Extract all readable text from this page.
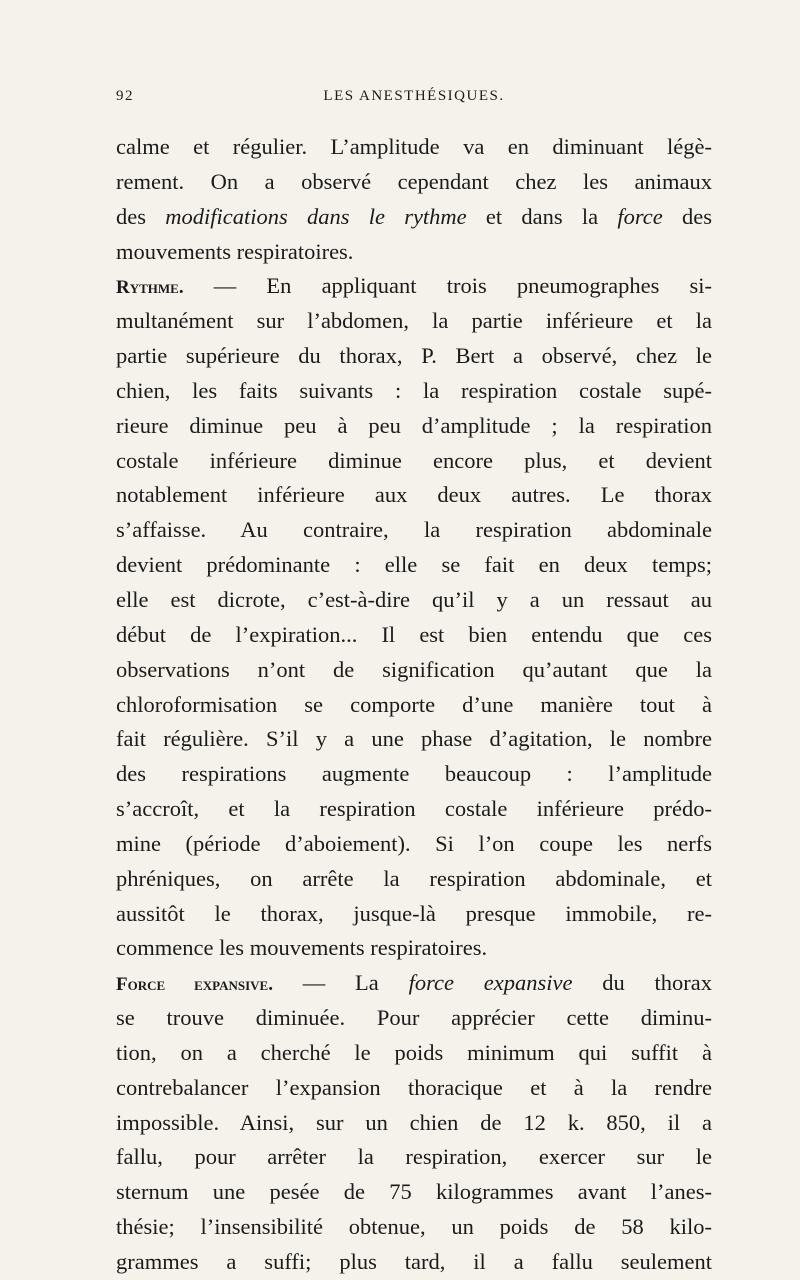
92	LES ANESTHÉSIQUES.
calme et régulier. L’amplitude va en diminuant légè-
rement. On a observé cependant chez les animaux
des modifications dans le rythme et dans la force des
mouvements respiratoires.
Rythme. — En appliquant trois pneumographes si-
multanément sur l’abdomen, la partie inférieure et la
partie supérieure du thorax, P. Bert a observé, chez le
chien, les faits suivants : la respiration costale supé-
rieure diminue peu à peu d’amplitude ; la respiration
costale inférieure diminue encore plus, et devient
notablement inférieure aux deux autres. Le thorax
s’affaisse. Au contraire, la respiration abdominale
devient prédominante : elle se fait en deux temps;
elle est dicrote, c’est-à-dire qu’il y a un ressaut au
début de l’expiration... Il est bien entendu que ces
observations n’ont de signification qu’autant que la
chloroformisation se comporte d’une manière tout à
fait régulière. S’il y a une phase d’agitation, le nombre
des respirations augmente beaucoup : l’amplitude
s’accroît, et la respiration costale inférieure prédo-
mine (période d’aboiement). Si l’on coupe les nerfs
phréniques, on arrête la respiration abdominale, et
aussitôt le thorax, jusque-là presque immobile, re-
commence les mouvements respiratoires.
Force expansive. — La force expansive du thorax
se trouve diminuée. Pour apprécier cette diminu-
tion, on a cherché le poids minimum qui suffit à
contrebalancer l’expansion thoracique et à la rendre
impossible. Ainsi, sur un chien de 12 k. 850, il a
fallu, pour arrêter la respiration, exercer sur le
sternum une pesée de 75 kilogrammes avant l’anes-
thésie; l’insensibilité obtenue, un poids de 58 kilo-
grammes a suffi; plus tard, il a fallu seulement
